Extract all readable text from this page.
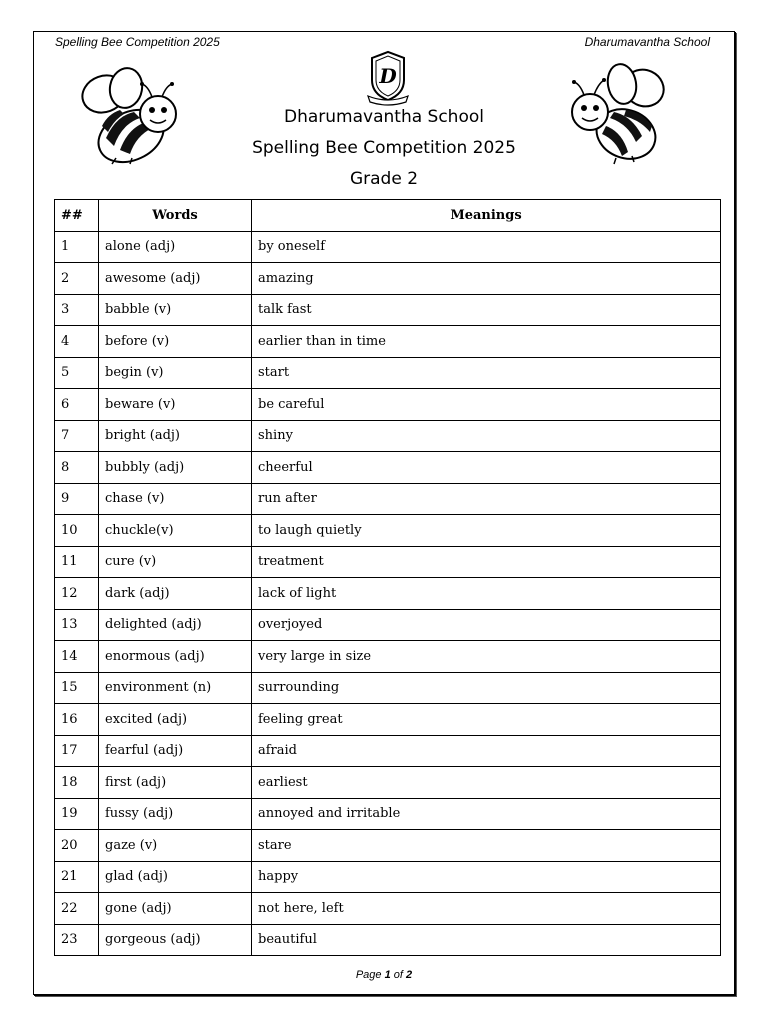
Spelling Bee Competition 2025	Dharumavantha School
D
Dharumavantha School
Spelling Bee Competition 2025
Grade 2
##	Words	Meanings
1	alone (adj)	by oneself
2	awesome (adj)	amazing
3	babble (v)	talk fast
4	before (v)	earlier than in time
5	begin (v)	start
6	beware (v)	be careful
7	bright (adj)	shiny
8	bubbly (adj)	cheerful
9	chase (v)	run after
10	chuckle(v)	to laugh quietly
11	cure (v)	treatment
12	dark (adj)	lack of light
13	delighted (adj)	overjoyed
14	enormous (adj)	very large in size
15	environment (n)	surrounding
16	excited (adj)	feeling great
17	fearful (adj)	afraid
18	first (adj)	earliest
19	fussy (adj)	annoyed and irritable
20	gaze (v)	stare
21	glad (adj)	happy
22	gone (adj)	not here, left
23	gorgeous (adj)	beautiful
Page 1 of 2
